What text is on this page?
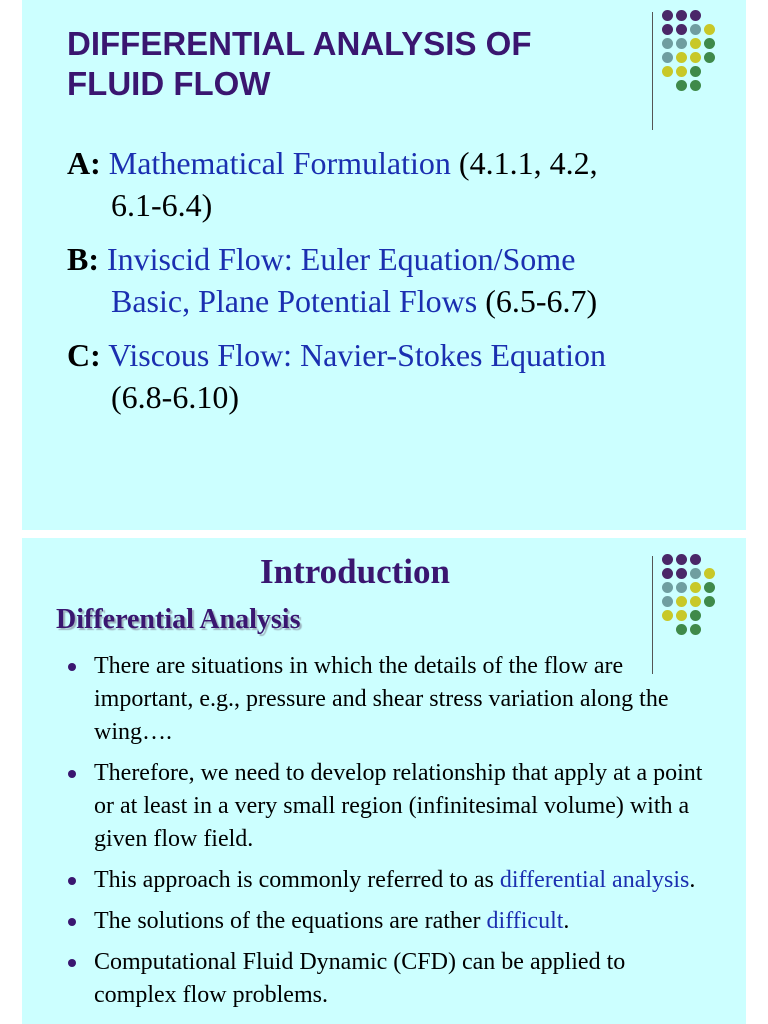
DIFFERENTIAL ANALYSIS OF
FLUID FLOW
A: Mathematical Formulation (4.1.1, 4.2,
6.1-6.4)
B: Inviscid Flow: Euler Equation/Some
Basic, Plane Potential Flows (6.5-6.7)
C: Viscous Flow: Navier-Stokes Equation
(6.8-6.10)
Introduction
Differential Analysis
There are situations in which the details of the flow are important, e.g., pressure and shear stress variation along the wing….
Therefore, we need to develop relationship that apply at a point or at least in a very small region (infinitesimal volume) with a given flow field.
This approach is commonly referred to as differential analysis.
The solutions of the equations are rather difficult.
Computational Fluid Dynamic (CFD) can be applied to complex flow problems.
